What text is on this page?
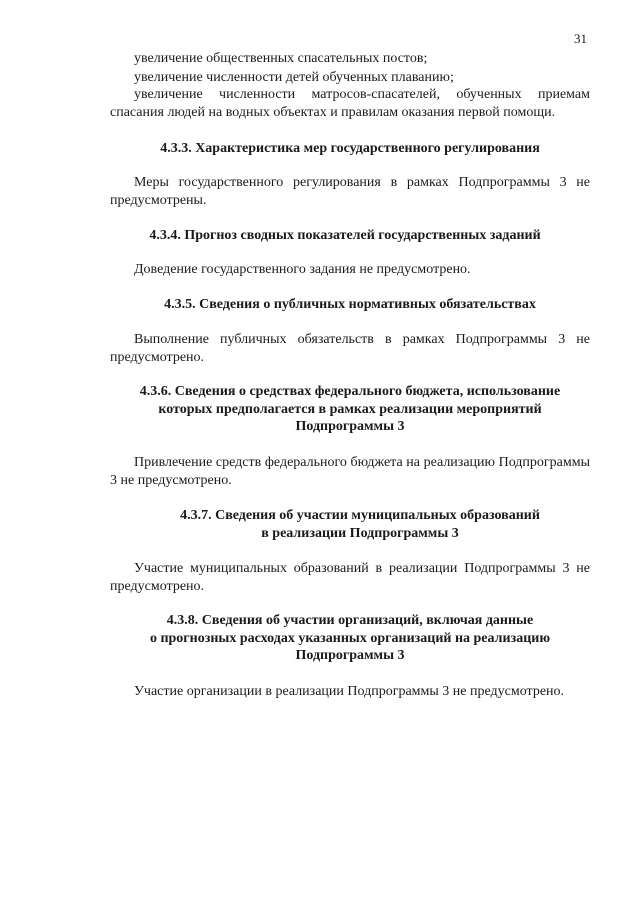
31
увеличение общественных спасательных постов;
увеличение численности детей обученных плаванию;
увеличение численности матросов-спасателей, обученных приемам спасания людей на водных объектах и правилам оказания первой помощи.
4.3.3. Характеристика мер государственного регулирования
Меры государственного регулирования в рамках Подпрограммы 3 не предусмотрены.
4.3.4. Прогноз сводных показателей государственных заданий
Доведение государственного задания не предусмотрено.
4.3.5. Сведения о публичных нормативных обязательствах
Выполнение публичных обязательств в рамках Подпрограммы 3 не предусмотрено.
4.3.6. Сведения о средствах федерального бюджета, использование
которых предполагается в рамках реализации мероприятий
Подпрограммы 3
Привлечение средств федерального бюджета на реализацию Подпрограммы 3 не предусмотрено.
4.3.7. Сведения об участии муниципальных образований
в реализации Подпрограммы 3
Участие муниципальных образований в реализации Подпрограммы 3 не предусмотрено.
4.3.8. Сведения об участии организаций, включая данные
о прогнозных расходах указанных организаций на реализацию
Подпрограммы 3
Участие организации в реализации Подпрограммы 3 не предусмотрено.
